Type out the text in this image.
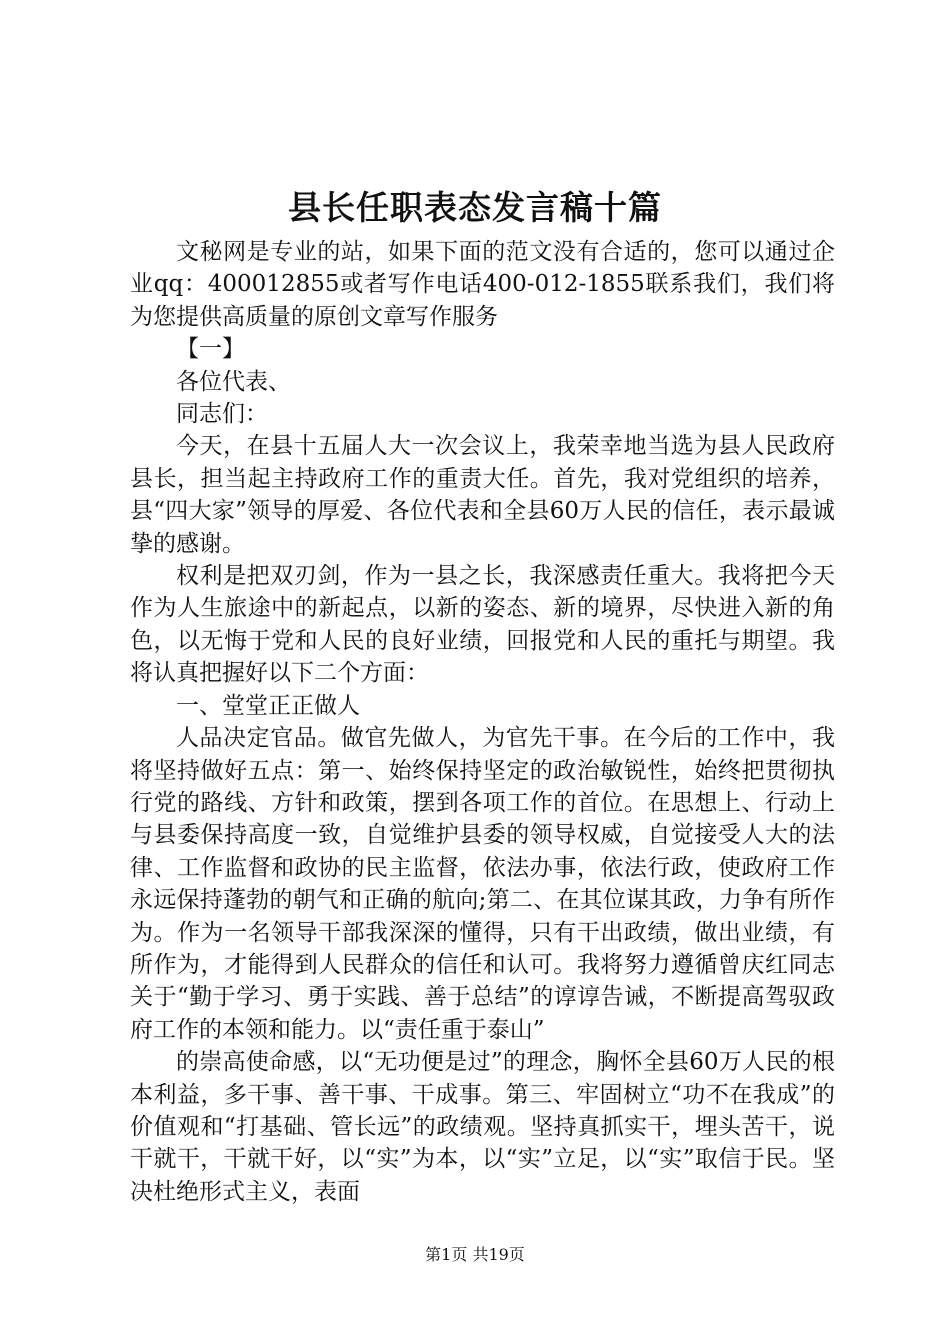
县长任职表态发言稿十篇

文秘网是专业的站，如果下面的范文没有合适的，您可以通过企业qq：400012855或者写作电话400-012-1855联系我们，我们将为您提供高质量的原创文章写作服务

【一】

各位代表、

同志们：

今天，在县十五届人大一次会议上，我荣幸地当选为县人民政府县长，担当起主持政府工作的重责大任。首先，我对党组织的培养，县“四大家”领导的厚爱、各位代表和全县60万人民的信任，表示最诚挚的感谢。

权利是把双刃剑，作为一县之长，我深感责任重大。我将把今天作为人生旅途中的新起点，以新的姿态、新的境界，尽快进入新的角色，以无悔于党和人民的良好业绩，回报党和人民的重托与期望。我将认真把握好以下二个方面：

一、堂堂正正做人

人品决定官品。做官先做人，为官先干事。在今后的工作中，我将坚持做好五点：第一、始终保持坚定的政治敏锐性，始终把贯彻执行党的路线、方针和政策，摆到各项工作的首位。在思想上、行动上与县委保持高度一致，自觉维护县委的领导权威，自觉接受人大的法律、工作监督和政协的民主监督，依法办事，依法行政，使政府工作永远保持蓬勃的朝气和正确的航向;第二、在其位谋其政，力争有所作为。作为一名领导干部我深深的懂得，只有干出政绩，做出业绩，有所作为，才能得到人民群众的信任和认可。我将努力遵循曾庆红同志关于“勤于学习、勇于实践、善于总结”的谆谆告诫，不断提高驾驭政府工作的本领和能力。以“责任重于泰山”

的崇高使命感，以“无功便是过”的理念，胸怀全县60万人民的根本利益，多干事、善干事、干成事。第三、牢固树立“功不在我成”的价值观和“打基础、管长远”的政绩观。坚持真抓实干，埋头苦干，说干就干，干就干好，以“实”为本，以“实”立足，以“实”取信于民。坚决杜绝形式主义，表面

第1页 共19页
